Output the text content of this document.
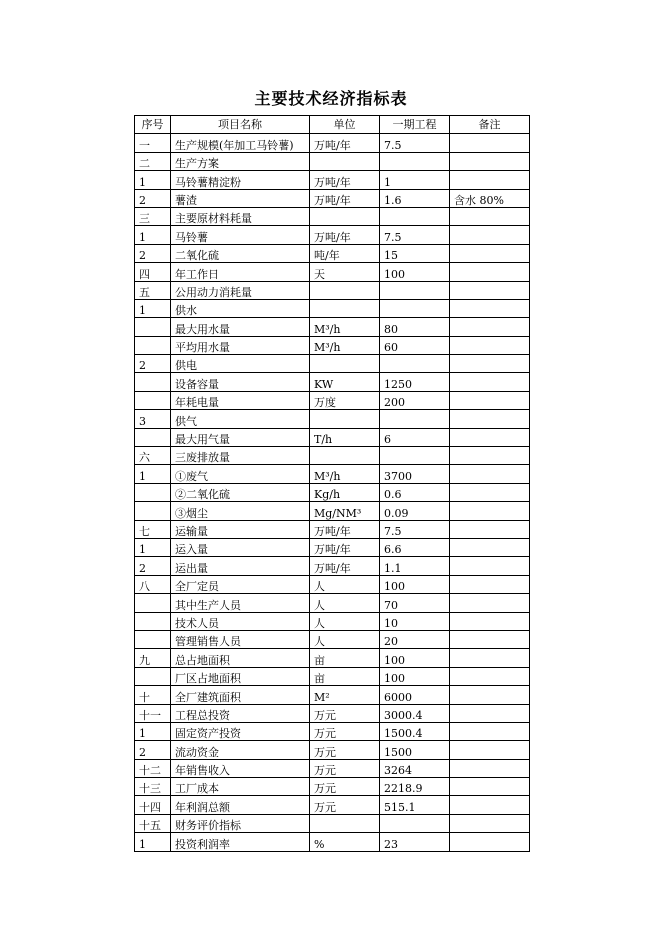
主要技术经济指标表
序号	项目名称	单位	一期工程	备注
一	生产规模(年加工马铃薯)	万吨/年	7.5	
二	生产方案			
1	马铃薯精淀粉	万吨/年	1	
2	薯渣	万吨/年	1.6	含水 80%
三	主要原材料耗量			
1	马铃薯	万吨/年	7.5	
2	二氧化硫	吨/年	15	
四	年工作日	天	100	
五	公用动力消耗量			
1	供水			
	最大用水量	M³/h	80	
	平均用水量	M³/h	60	
2	供电			
	设备容量	KW	1250	
	年耗电量	万度	200	
3	供气			
	最大用气量	T/h	6	
六	三废排放量			
1	①废气	M³/h	3700	
	②二氧化硫	Kg/h	0.6	
	③烟尘	Mg/NM³	0.09	
七	运输量	万吨/年	7.5	
1	运入量	万吨/年	6.6	
2	运出量	万吨/年	1.1	
八	全厂定员	人	100	
	其中生产人员	人	70	
	技术人员	人	10	
	管理销售人员	人	20	
九	总占地面积	亩	100	
	厂区占地面积	亩	100	
十	全厂建筑面积	M²	6000	
十一	工程总投资	万元	3000.4	
1	固定资产投资	万元	1500.4	
2	流动资金	万元	1500	
十二	年销售收入	万元	3264	
十三	工厂成本	万元	2218.9	
十四	年利润总额	万元	515.1	
十五	财务评价指标			
1	投资利润率	%	23	
